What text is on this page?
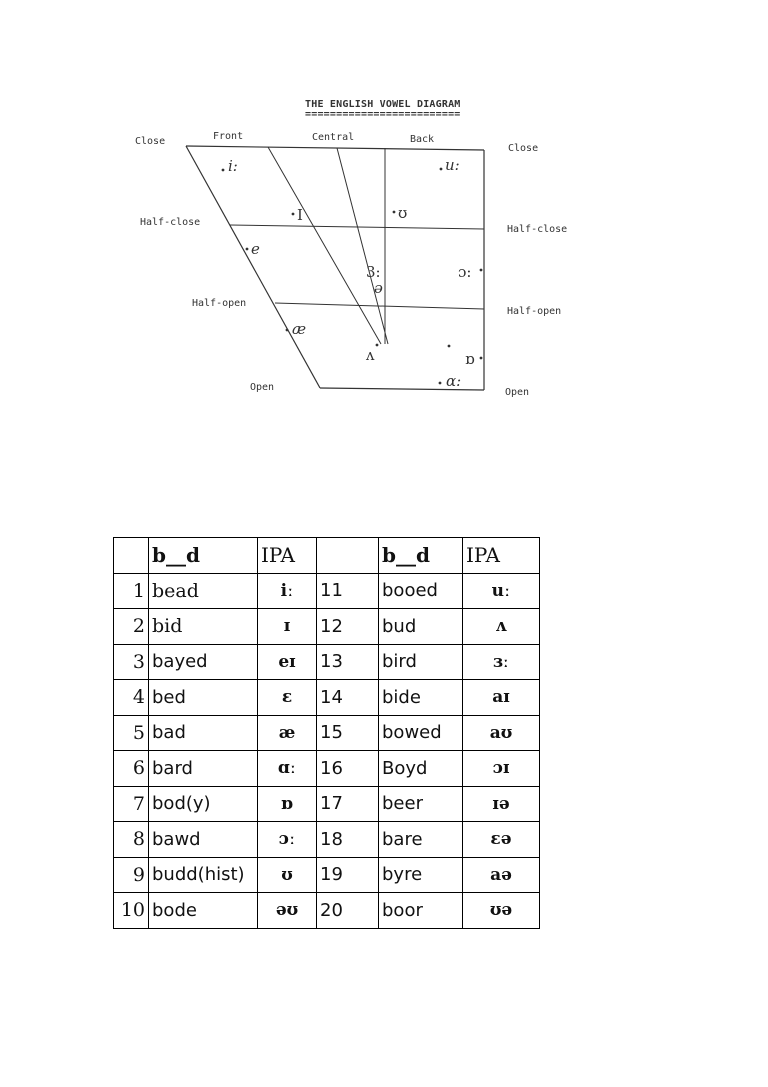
THE ENGLISH VOWEL DIAGRAM
=========================
Front	Central	Back
Close
Half-close
Half-open
Open
Close
Half-close
Half-open
Open
i:	u:
I	ʊ
e
3:
ə
ɔ:
æ
ʌ	ɒ
ɑ:
	b__d	IPA		b__d	IPA
1	bead	iː	11	booed	uː
2	bid	ɪ	12	bud	ʌ
3	bayed	eɪ	13	bird	ɜː
4	bed	ɛ	14	bide	aɪ
5	bad	æ	15	bowed	aʊ
6	bard	ɑː	16	Boyd	ɔɪ
7	bod(y)	ɒ	17	beer	ɪə
8	bawd	ɔː	18	bare	ɛə
9	budd(hist)	ʊ	19	byre	aə
10	bode	əʊ	20	boor	ʊə
